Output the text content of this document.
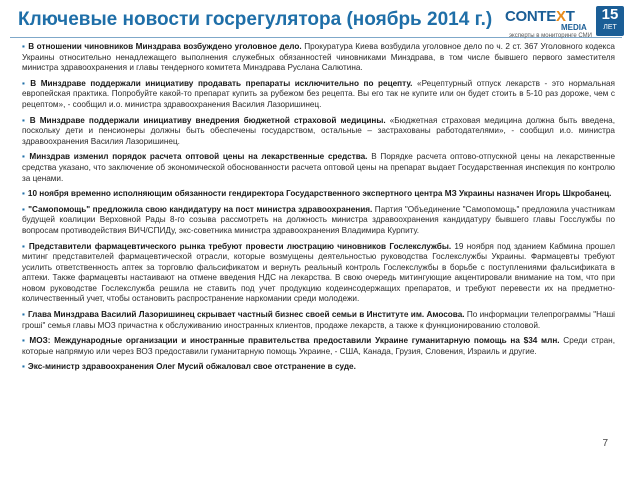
Ключевые новости госрегулятора (ноябрь 2014 г.) CONTEXT
MEDIA
эксперты в мониторинге СМИ
15
ЛЕТ

▪ В отношении чиновников Минздрава возбуждено уголовное дело. Прокуратура Киева возбудила уголовное дело по ч. 2 ст. 367 Уголовного кодекса Украины относительно ненадлежащего выполнения служебных обязанностей чиновниками Минздрава, в том числе бывшего первого заместителя министра здравоохранения и главы тендерного комитета Минздрава Руслана Салютина.

▪ В Минздраве поддержали инициативу продавать препараты исключительно по рецепту. «Рецептурный отпуск лекарств - это нормальная европейская практика. Попробуйте какой-то препарат купить за рубежом без рецепта. Вы его так не купите или он будет стоить в 5-10 раз дороже, чем с рецептом», - сообщил и.о. министра здравоохранения Василия Лазоришинец.

▪ В Минздраве поддержали инициативу внедрения бюджетной страховой медицины. «Бюджетная страховая медицина должна быть введена, поскольку дети и пенсионеры должны быть обеспечены государством, остальные – застрахованы работодателями», - сообщил и.о. министра здравоохранения Василия Лазоришинец.

▪ Минздрав изменил порядок расчета оптовой цены на лекарственные средства. В Порядке расчета оптово-отпускной цены на лекарственные средства указано, что заключение об экономической обоснованности расчета оптовой цены на препарат выдает Государственная инспекция по контролю за ценами.

▪ 10 ноября временно исполняющим обязанности гендиректора Государственного экспертного центра МЗ Украины назначен Игорь Шкробанец.

▪ "Самопомощь" предложила свою кандидатуру на пост министра здравоохранения. Партия "Объединение "Самопомощь" предложила участникам будущей коалиции Верховной Рады 8-го созыва рассмотреть на должность министра здравоохранения кандидатуру бывшего главы Госслужбы по вопросам противодействия ВИЧ/СПИДу, экс-советника министра здравоохранения Владимира Курпиту.

▪ Представители фармацевтического рынка требуют провести люстрацию чиновников Гослекслужбы. 19 ноября под зданием Кабмина прошел митинг представителей фармацевтической отрасли, которые возмущены деятельностью руководства Гослекслужбы Украины. Фармацевты требуют усилить ответственность аптек за торговлю фальсификатом и вернуть реальный контроль Гослекслужбы в борьбе с поступлениями фальсификата в аптеки. Также фармацевты настаивают на отмене введения НДС на лекарства. В свою очередь митингующие акцентировали внимание на том, что при новом руководстве Гослекслужба решила не ставить под учет продукцию кодеинсодержащих препаратов, и требуют перевести их на предметно-количественный учет, чтобы остановить распространение наркомании среди молодежи.

▪ Глава Минздрава Василий Лазоришинец скрывает частный бизнес своей семьи в Институте им. Амосова. По информации телепрограммы "Наші гроші" семья главы МОЗ причастна к обслуживанию иностранных клиентов, продаже лекарств, а также к функционированию столовой.

▪ МОЗ: Международные организации и иностранные правительства предоставили Украине гуманитарную помощь на $34 млн. Среди стран, которые напрямую или через ВОЗ предоставили гуманитарную помощь Украине, - США, Канада, Грузия, Словения, Израиль и другие.

▪ Экс-министр здравоохранения Олег Мусий обжаловал свое отстранение в суде.

7
